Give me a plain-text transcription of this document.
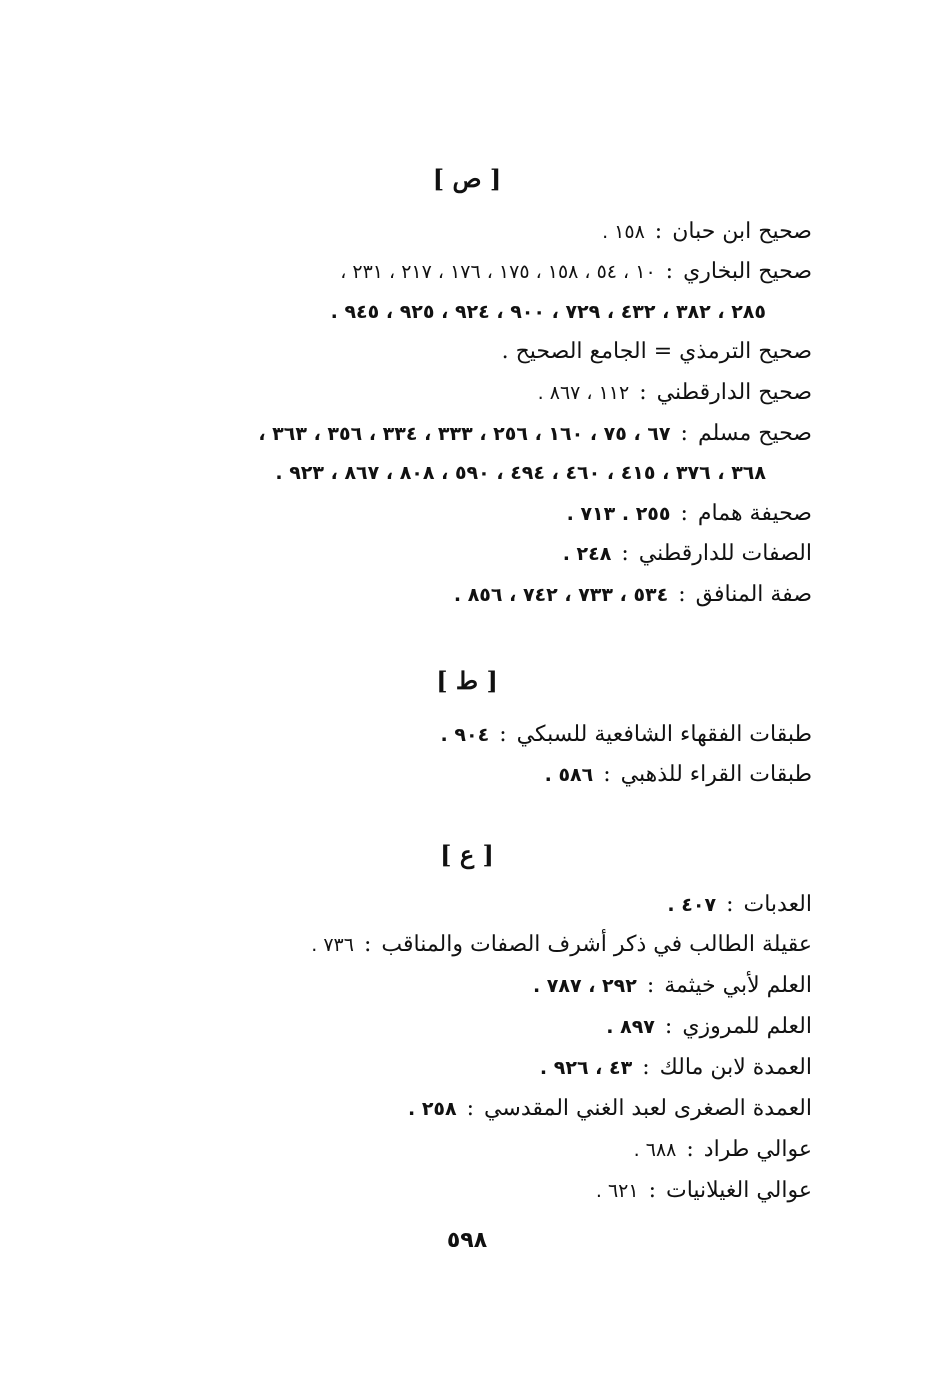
[ ص ]
صحيح ابن حبان:١٥٨ .
صحيح البخاري:١٠ ، ٥٤ ، ١٥٨ ، ١٧٥ ، ١٧٦ ، ٢١٧ ، ٢٣١ ،
٢٨٥ ، ٣٨٢ ، ٤٣٢ ، ٧٢٩ ، ٩٠٠ ، ٩٢٤ ، ٩٢٥ ، ٩٤٥ .
صحيح الترمذي = الجامع الصحيح .
صحيح الدارقطني:١١٢ ، ٨٦٧ .
صحيح مسلم:٦٧ ، ٧٥ ، ١٦٠ ، ٢٥٦ ، ٣٣٣ ، ٣٣٤ ، ٣٥٦ ، ٣٦٣ ،
٣٦٨ ، ٣٧٦ ، ٤١٥ ، ٤٦٠ ، ٤٩٤ ، ٥٩٠ ، ٨٠٨ ، ٨٦٧ ، ٩٢٣ .
صحيفة همام:٢٥٥ . ٧١٣ .
الصفات للدارقطني:٢٤٨ .
صفة المنافق:٥٣٤ ، ٧٣٣ ، ٧٤٢ ، ٨٥٦ .
[ ط ]
طبقات الفقهاء الشافعية للسبكي:٩٠٤ .
طبقات القراء للذهبي:٥٨٦ .
[ ع ]
العدبات:٤٠٧ .
عقيلة الطالب في ذكر أشرف الصفات والمناقب:٧٣٦ .
العلم لأبي خيثمة:٢٩٢ ، ٧٨٧ .
العلم للمروزي:٨٩٧ .
العمدة لابن مالك:٤٣ ، ٩٢٦ .
العمدة الصغرى لعبد الغني المقدسي:٢٥٨ .
عوالي طراد:٦٨٨ .
عوالي الغيلانيات:٦٢١ .
٥٩٨
